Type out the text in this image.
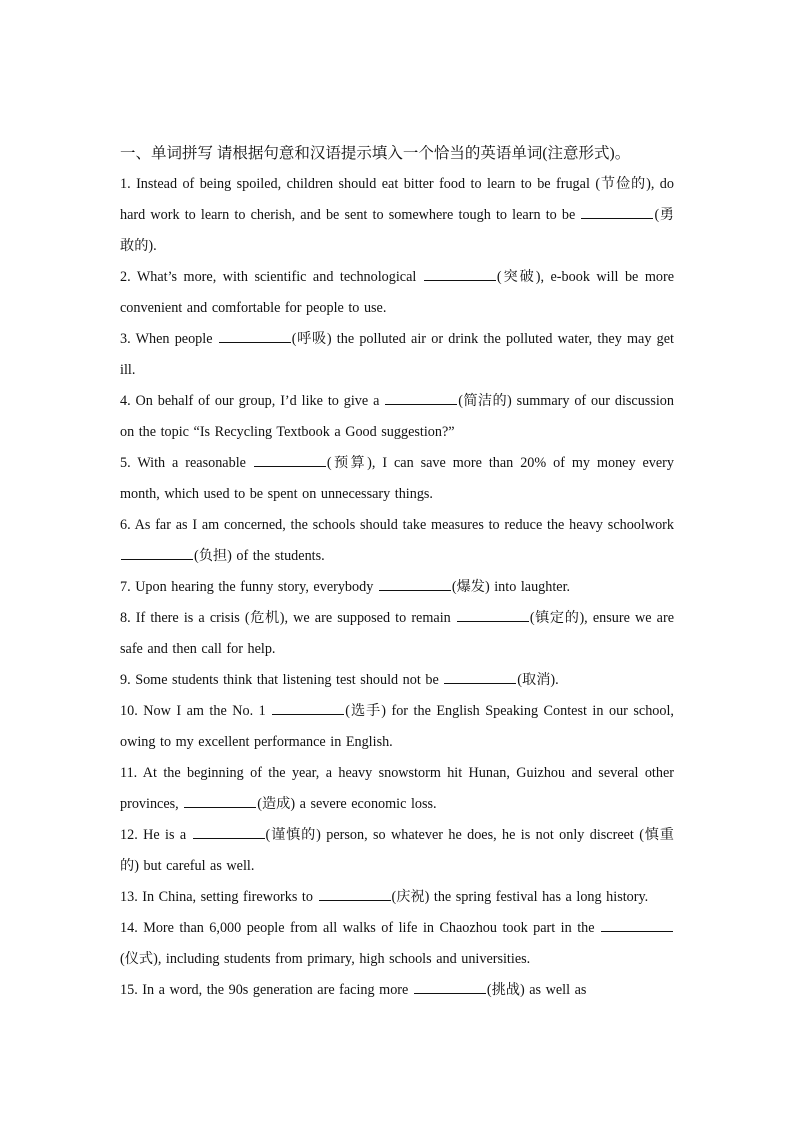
一、单词拼写 请根据句意和汉语提示填入一个恰当的英语单词(注意形式)。

1. Instead of being spoiled, children should eat bitter food to learn to be frugal (节俭的), do hard work to learn to cherish, and be sent to somewhere tough to learn to be	(勇敢的).

2. What’s more, with scientific and technological	(突破), e-book will be more convenient and comfortable for people to use.

3. When people	(呼吸) the polluted air or drink the polluted water, they may get ill.

4. On behalf of our group, I’d like to give a	(简洁的) summary of our discussion on the topic “Is Recycling Textbook a Good suggestion?”

5. With a reasonable	(预算), I can save more than 20% of my money every month, which used to be spent on unnecessary things.

6. As far as I am concerned, the schools should take measures to reduce the heavy schoolwork (负担) of the students.

7. Upon hearing the funny story, everybody	(爆发) into laughter.

8. If there is a crisis (危机), we are supposed to remain	(镇定的), ensure we are safe and then call for help.

9. Some students think that listening test should not be	(取消).

10. Now I am the No. 1	(选手) for the English Speaking Contest in our school, owing to my excellent performance in English.

11. At the beginning of the year, a heavy snowstorm hit Hunan, Guizhou and several other provinces,	(造成) a severe economic loss.

12. He is a	(谨慎的) person, so whatever he does, he is not only discreet (慎重的) but careful as well.

13. In China, setting fireworks to	(庆祝) the spring festival has a long history.

14. More than 6,000 people from all walks of life in Chaozhou took part in the (仪式), including students from primary, high schools and universities.

15. In a word, the 90s generation are facing more	(挑战) as well as
